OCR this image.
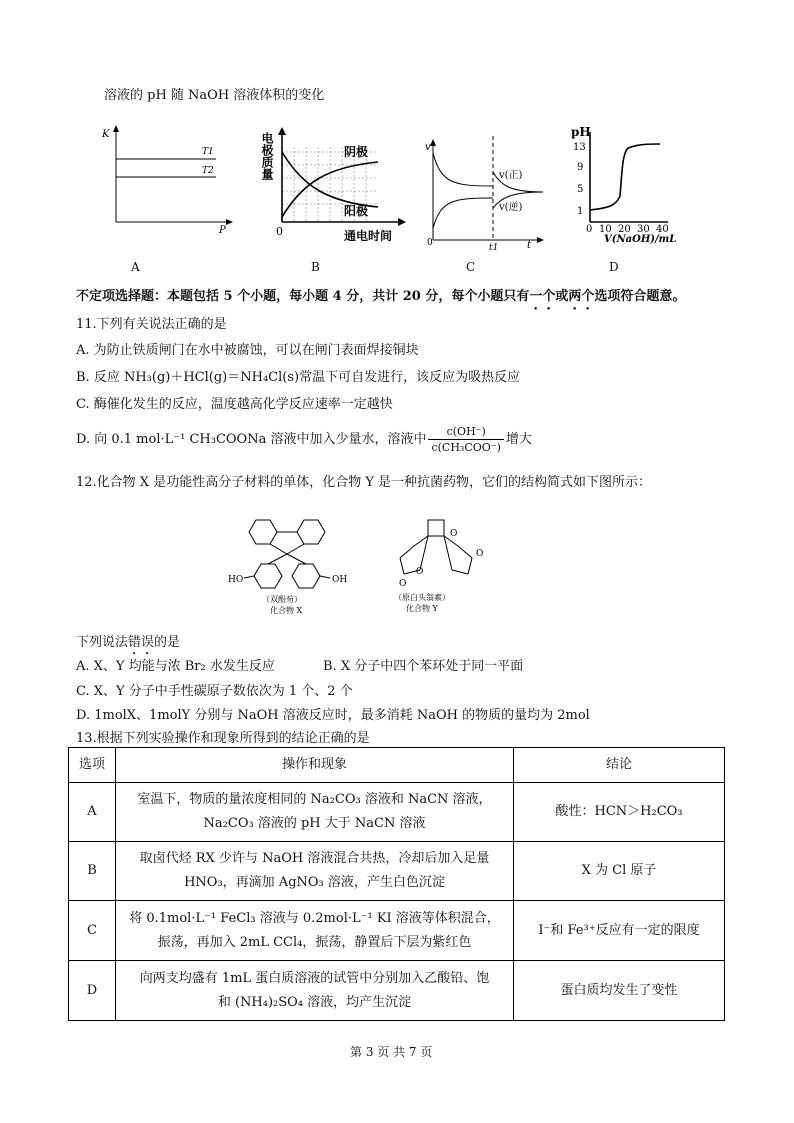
溶液的 pH 随 NaOH 溶液体积的变化
K
P
T1
T2
A
电极质量
0	通电时间
阴极
阳极
B
v
0	t1	t
v(正)
v(逆)
C
pH
13
9
5
1
0 10 20 30 40
V(NaOH)/mL
D
不定项选择题：本题包括 5 个小题，每小题 4 分，共计 20 分，每个小题只有一个或两个选项符合题意。
11.下列有关说法正确的是
A. 为防止铁质闸门在水中被腐蚀，可以在闸门表面焊接铜块
B. 反应 NH₃(g)＋HCl(g)＝NH₄Cl(s)常温下可自发进行，该反应为吸热反应
C. 酶催化发生的反应，温度越高化学反应速率一定越快
D. 向 0.1 mol·L⁻¹ CH₃COONa 溶液中加入少量水，溶液中 $\frac{c(OH^-)}{\text{c(CH₃COO⁻)}}$ 增大
12.化合物 X 是功能性高分子材料的单体，化合物 Y 是一种抗菌药物，它们的结构简式如下图所示：
HO	OH
（双酚芴）
化合物 X
O
O
O
O
（原白头翁素）
化合物 Y
下列说法错误的是
A. X、Y 均能与浓 Br₂ 水发生反应	B. X 分子中四个苯环处于同一平面
C. X、Y 分子中手性碳原子数依次为 1 个、2 个
D. 1molX、1molY 分别与 NaOH 溶液反应时，最多消耗 NaOH 的物质的量均为 2mol
13.根据下列实验操作和现象所得到的结论正确的是
选项	操作和现象	结论
A	室温下，物质的量浓度相同的 Na₂CO₃ 溶液和 NaCN 溶液，
Na₂CO₃ 溶液的 pH 大于 NaCN 溶液	酸性：HCN＞H₂CO₃
B	取卤代烃 RX 少许与 NaOH 溶液混合共热，冷却后加入足量
HNO₃，再滴加 AgNO₃ 溶液，产生白色沉淀	X 为 Cl 原子
C	将 0.1mol·L⁻¹ FeCl₃ 溶液与 0.2mol·L⁻¹ KI 溶液等体积混合，
振荡，再加入 2mL CCl₄，振荡，静置后下层为紫红色	I⁻和 Fe³⁺反应有一定的限度
D	向两支均盛有 1mL 蛋白质溶液的试管中分别加入乙酸铅、饱
和 (NH₄)₂SO₄ 溶液，均产生沉淀	蛋白质均发生了变性
第 3 页 共 7 页
